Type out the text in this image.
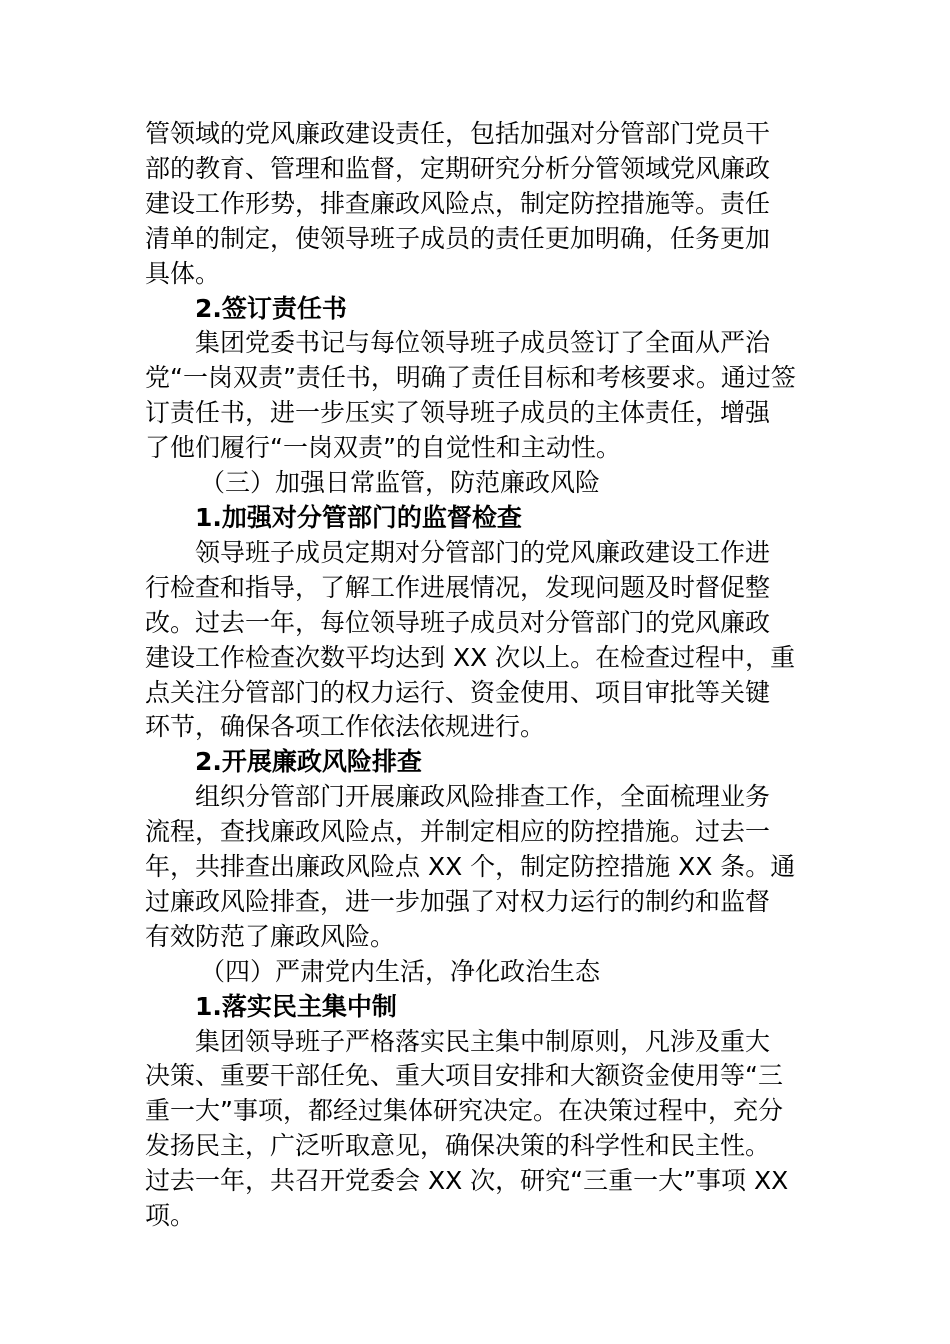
管领域的党风廉政建设责任，包括加强对分管部门党员干
部的教育、管理和监督，定期研究分析分管领域党风廉政
建设工作形势，排查廉政风险点，制定防控措施等。责任
清单的制定，使领导班子成员的责任更加明确，任务更加
具体。
2.签订责任书
集团党委书记与每位领导班子成员签订了全面从严治
党“一岗双责”责任书，明确了责任目标和考核要求。通过签
订责任书，进一步压实了领导班子成员的主体责任，增强
了他们履行“一岗双责”的自觉性和主动性。
（三）加强日常监管，防范廉政风险
1.加强对分管部门的监督检查
领导班子成员定期对分管部门的党风廉政建设工作进
行检查和指导，了解工作进展情况，发现问题及时督促整
改。过去一年，每位领导班子成员对分管部门的党风廉政
建设工作检查次数平均达到 XX 次以上。在检查过程中，重
点关注分管部门的权力运行、资金使用、项目审批等关键
环节，确保各项工作依法依规进行。
2.开展廉政风险排查
组织分管部门开展廉政风险排查工作，全面梳理业务
流程，查找廉政风险点，并制定相应的防控措施。过去一
年，共排查出廉政风险点 XX 个，制定防控措施 XX 条。通
过廉政风险排查，进一步加强了对权力运行的制约和监督
有效防范了廉政风险。
（四）严肃党内生活，净化政治生态
1.落实民主集中制
集团领导班子严格落实民主集中制原则，凡涉及重大
决策、重要干部任免、重大项目安排和大额资金使用等“三
重一大”事项，都经过集体研究决定。在决策过程中，充分
发扬民主，广泛听取意见，确保决策的科学性和民主性。
过去一年，共召开党委会 XX 次，研究“三重一大”事项 XX
项。
